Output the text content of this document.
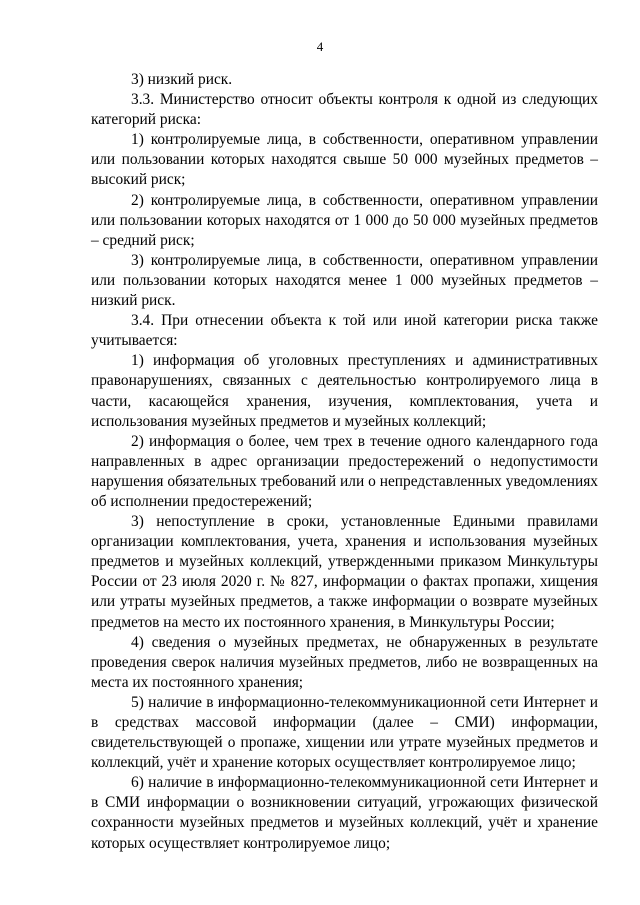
4

3) низкий риск.

3.3. Министерство относит объекты контроля к одной из следующих категорий риска:

1) контролируемые лица, в собственности, оперативном управлении или пользовании которых находятся свыше 50 000 музейных предметов – высокий риск;

2) контролируемые лица, в собственности, оперативном управлении или пользовании которых находятся от 1 000 до 50 000 музейных предметов – средний риск;

3) контролируемые лица, в собственности, оперативном управлении или пользовании которых находятся менее 1 000 музейных предметов – низкий риск.

3.4. При отнесении объекта к той или иной категории риска также учитывается:

1) информация об уголовных преступлениях и административных правонарушениях, связанных с деятельностью контролируемого лица в части, касающейся хранения, изучения, комплектования, учета и использования музейных предметов и музейных коллекций;

2) информация о более, чем трех в течение одного календарного года направленных в адрес организации предостережений о недопустимости нарушения обязательных требований или о непредставленных уведомлениях об исполнении предостережений;

3) непоступление в сроки, установленные Едиными правилами организации комплектования, учета, хранения и использования музейных предметов и музейных коллекций, утвержденными приказом Минкультуры России от 23 июля 2020 г. № 827, информации о фактах пропажи, хищения или утраты музейных предметов, а также информации о возврате музейных предметов на место их постоянного хранения, в Минкультуры России;

4) сведения о музейных предметах, не обнаруженных в результате проведения сверок наличия музейных предметов, либо не возвращенных на места их постоянного хранения;

5) наличие в информационно-телекоммуникационной сети Интернет и в средствах массовой информации (далее – СМИ) информации, свидетельствующей о пропаже, хищении или утрате музейных предметов и коллекций, учёт и хранение которых осуществляет контролируемое лицо;

6) наличие в информационно-телекоммуникационной сети Интернет и в СМИ информации о возникновении ситуаций, угрожающих физической сохранности музейных предметов и музейных коллекций, учёт и хранение которых осуществляет контролируемое лицо;
